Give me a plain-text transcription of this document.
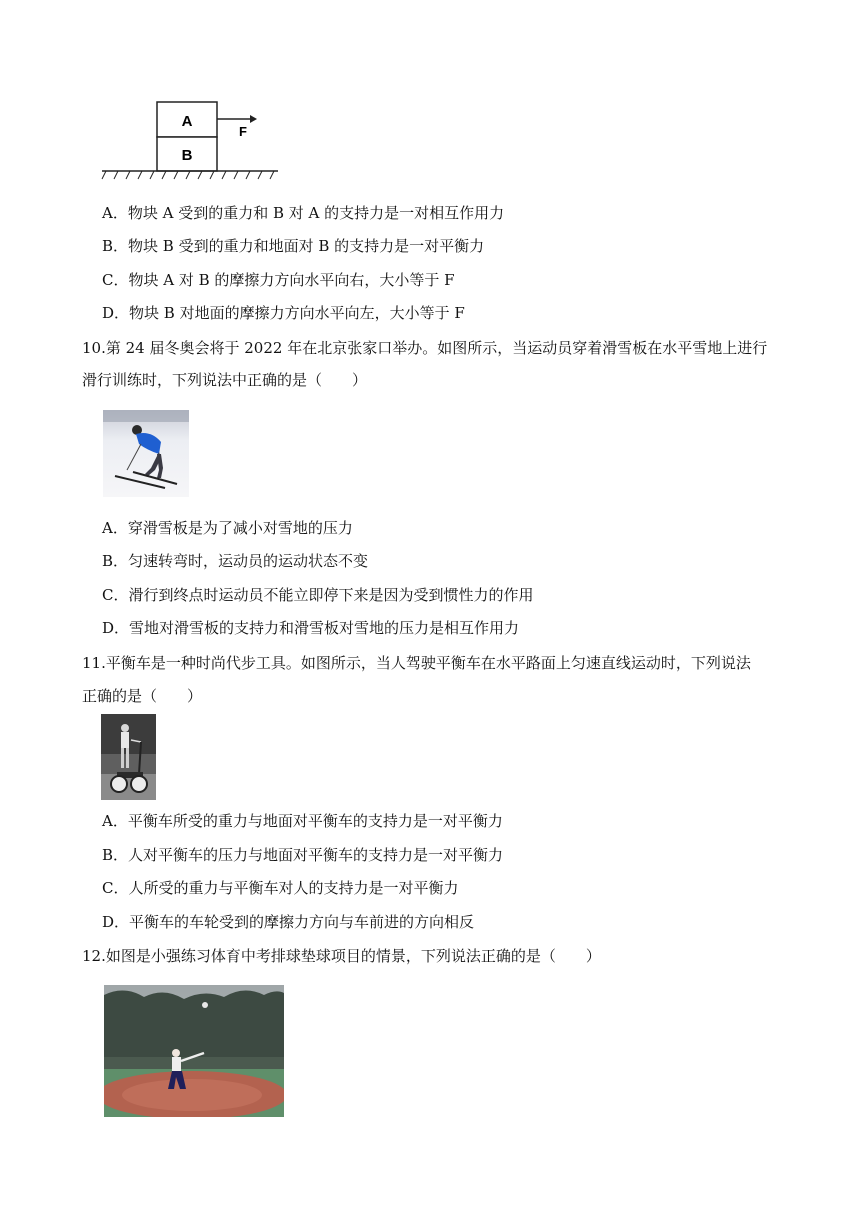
A
B
F
A．物块 A 受到的重力和 B 对 A 的支持力是一对相互作用力
B．物块 B 受到的重力和地面对 B 的支持力是一对平衡力
C．物块 A 对 B 的摩擦力方向水平向右，大小等于 F
D．物块 B 对地面的摩擦力方向水平向左，大小等于 F
10.第 24 届冬奥会将于 2022 年在北京张家口举办。如图所示，当运动员穿着滑雪板在水平雪地上进行
滑行训练时，下列说法中正确的是（　　）
A．穿滑雪板是为了减小对雪地的压力
B．匀速转弯时，运动员的运动状态不变
C．滑行到终点时运动员不能立即停下来是因为受到惯性力的作用
D．雪地对滑雪板的支持力和滑雪板对雪地的压力是相互作用力
11.平衡车是一种时尚代步工具。如图所示，当人驾驶平衡车在水平路面上匀速直线运动时，下列说法
正确的是（　　）
A．平衡车所受的重力与地面对平衡车的支持力是一对平衡力
B．人对平衡车的压力与地面对平衡车的支持力是一对平衡力
C．人所受的重力与平衡车对人的支持力是一对平衡力
D．平衡车的车轮受到的摩擦力方向与车前进的方向相反
12.如图是小强练习体育中考排球垫球项目的情景，下列说法正确的是（　　）
